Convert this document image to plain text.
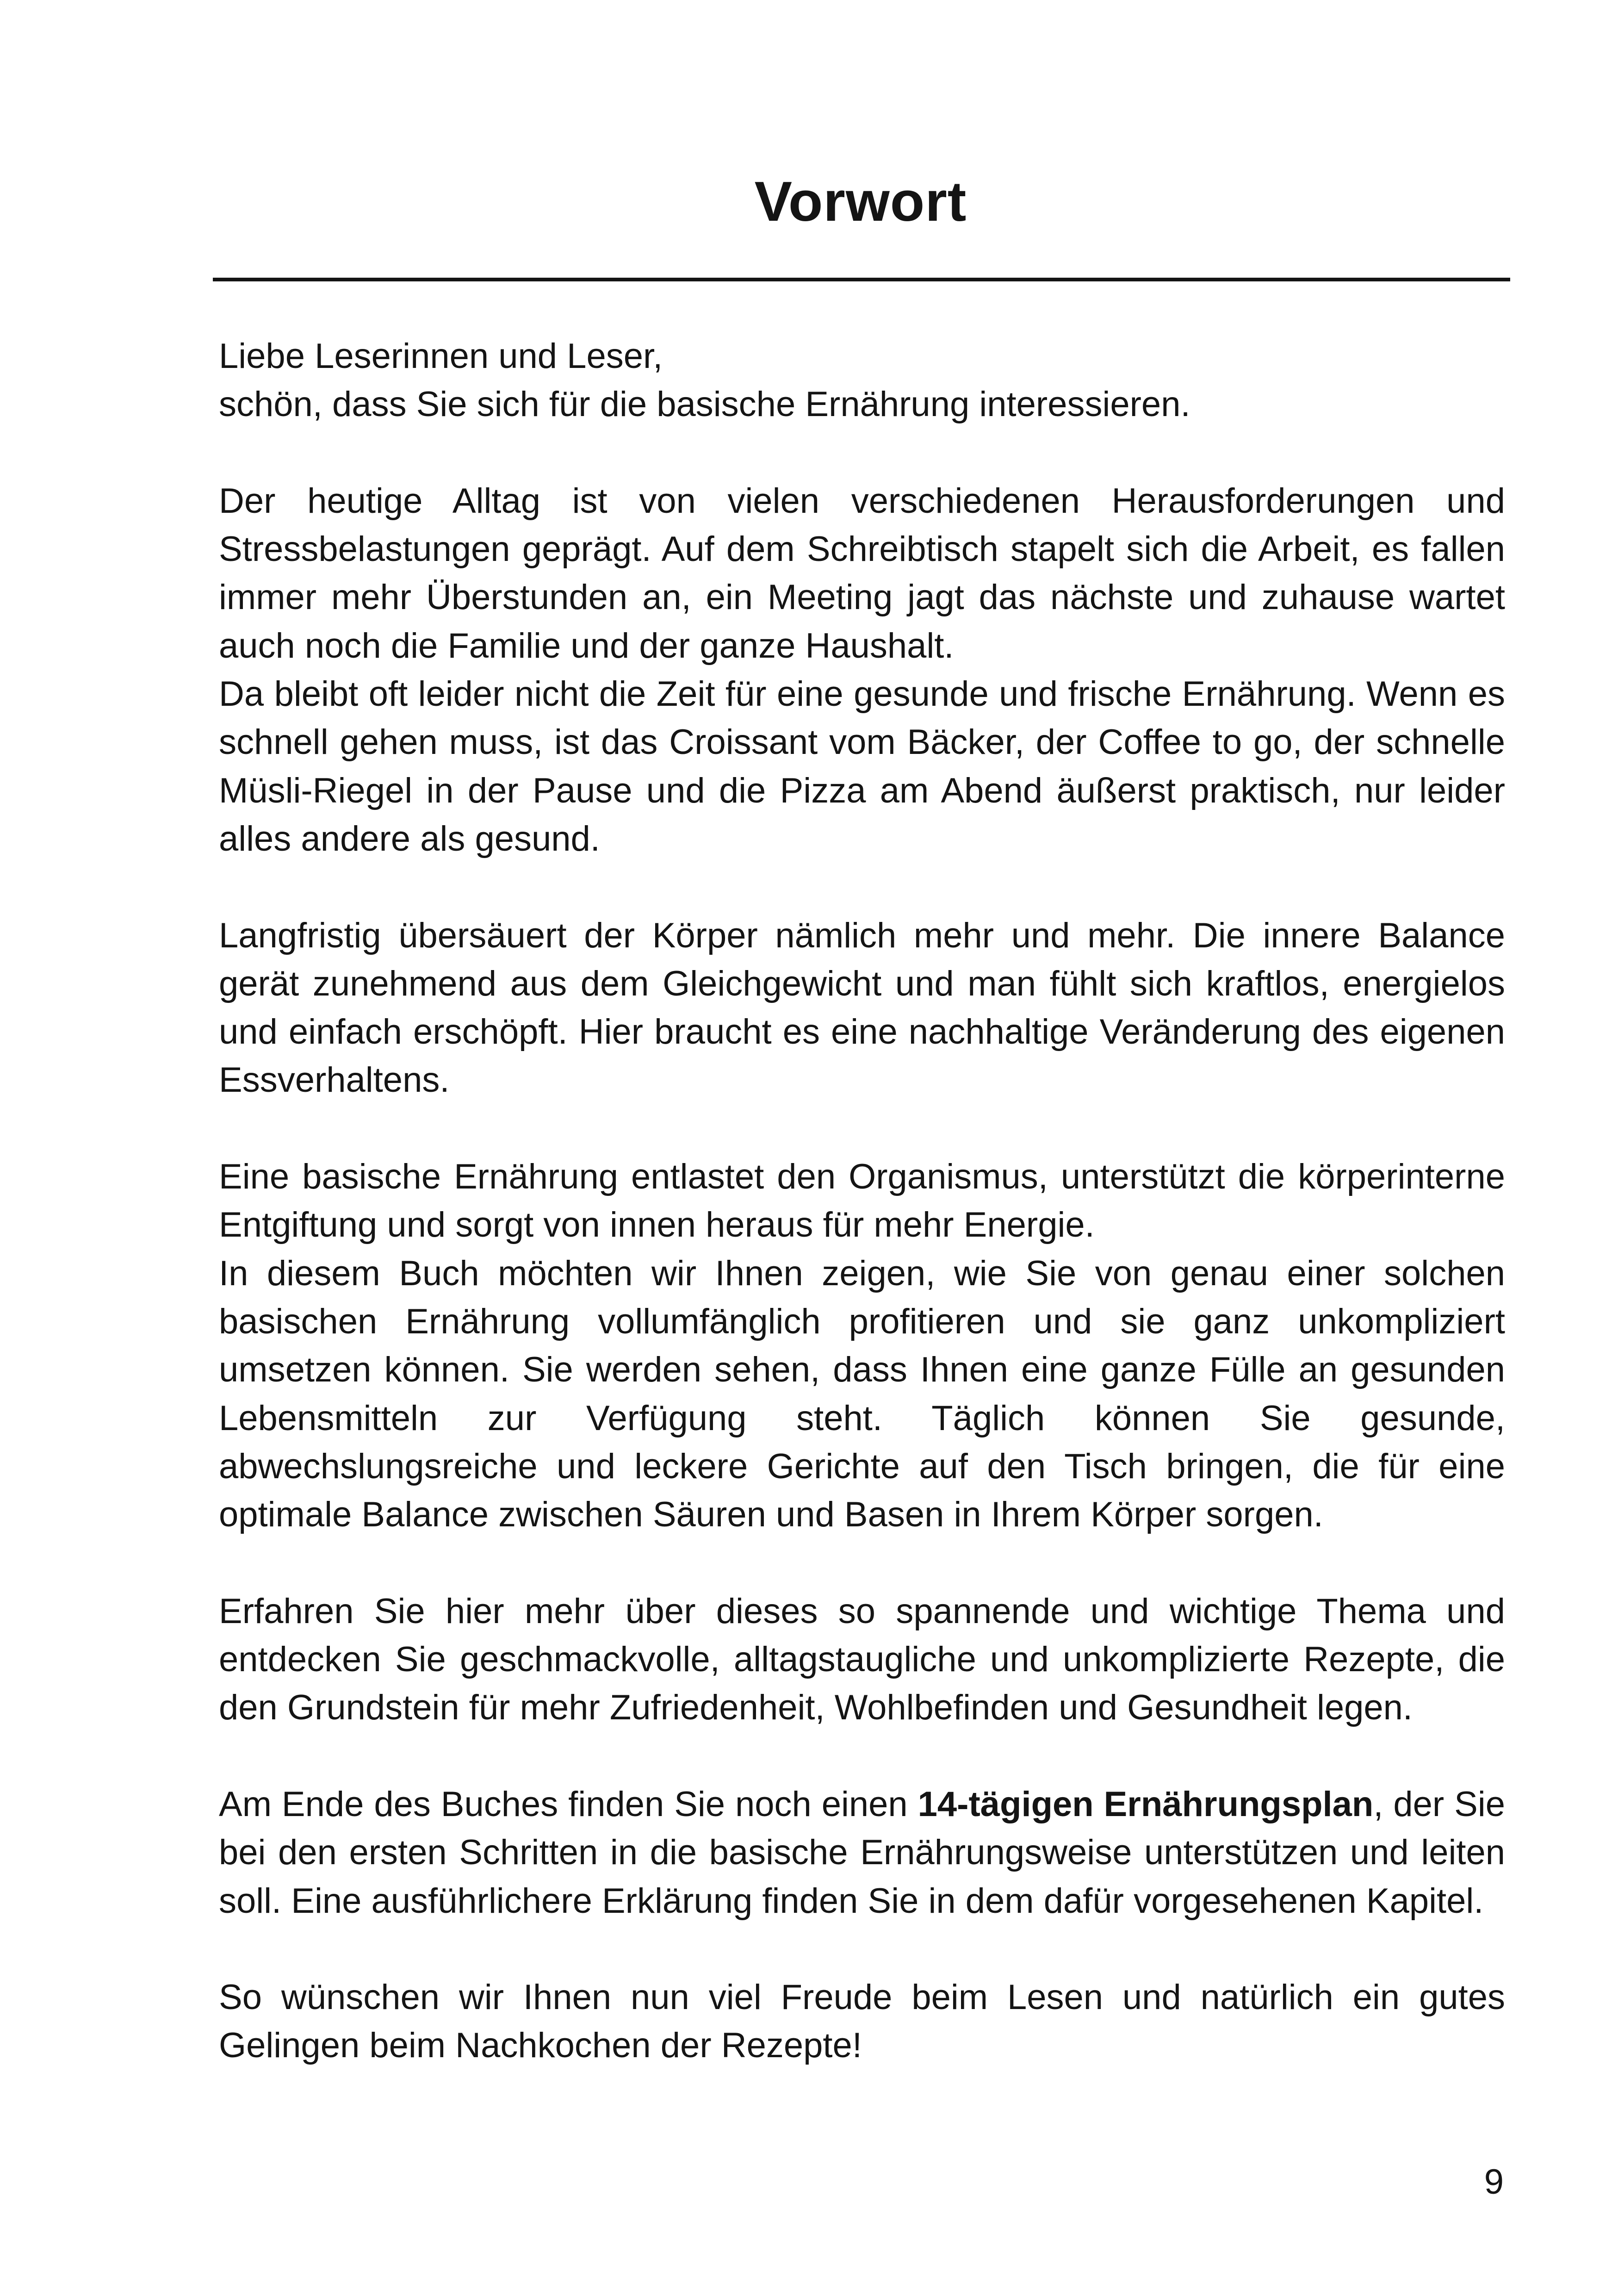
Vorwort

Liebe Leserinnen und Leser,
schön, dass Sie sich für die basische Ernährung interessieren.

Der heutige Alltag ist von vielen verschiedenen Herausforderungen und Stressbelastungen geprägt. Auf dem Schreibtisch stapelt sich die Arbeit, es fallen immer mehr Überstunden an, ein Meeting jagt das nächste und zuhause wartet auch noch die Familie und der ganze Haushalt.

Da bleibt oft leider nicht die Zeit für eine gesunde und frische Ernährung. Wenn es schnell gehen muss, ist das Croissant vom Bäcker, der Coffee to go, der schnelle Müsli-Riegel in der Pause und die Pizza am Abend äußerst praktisch, nur leider alles andere als gesund.

Langfristig übersäuert der Körper nämlich mehr und mehr. Die innere Balance gerät zunehmend aus dem Gleichgewicht und man fühlt sich kraftlos, energielos und einfach erschöpft. Hier braucht es eine nachhaltige Veränderung des eigenen Essverhaltens.

Eine basische Ernährung entlastet den Organismus, unterstützt die körperinterne Entgiftung und sorgt von innen heraus für mehr Energie.

In diesem Buch möchten wir Ihnen zeigen, wie Sie von genau einer solchen basischen Ernährung vollumfänglich profitieren und sie ganz unkompliziert umsetzen können. Sie werden sehen, dass Ihnen eine ganze Fülle an gesunden Lebensmitteln zur Verfügung steht. Täglich können Sie gesunde, abwechslungsreiche und leckere Gerichte auf den Tisch bringen, die für eine optimale Balance zwischen Säuren und Basen in Ihrem Körper sorgen.

Erfahren Sie hier mehr über dieses so spannende und wichtige Thema und entdecken Sie geschmackvolle, alltagstaugliche und unkomplizierte Rezepte, die den Grundstein für mehr Zufriedenheit, Wohlbefinden und Gesundheit legen.

Am Ende des Buches finden Sie noch einen 14-tägigen Ernährungsplan, der Sie bei den ersten Schritten in die basische Ernährungsweise unterstützen und leiten soll. Eine ausführlichere Erklärung finden Sie in dem dafür vorgesehenen Kapitel.

So wünschen wir Ihnen nun viel Freude beim Lesen und natürlich ein gutes Gelingen beim Nachkochen der Rezepte!

9
